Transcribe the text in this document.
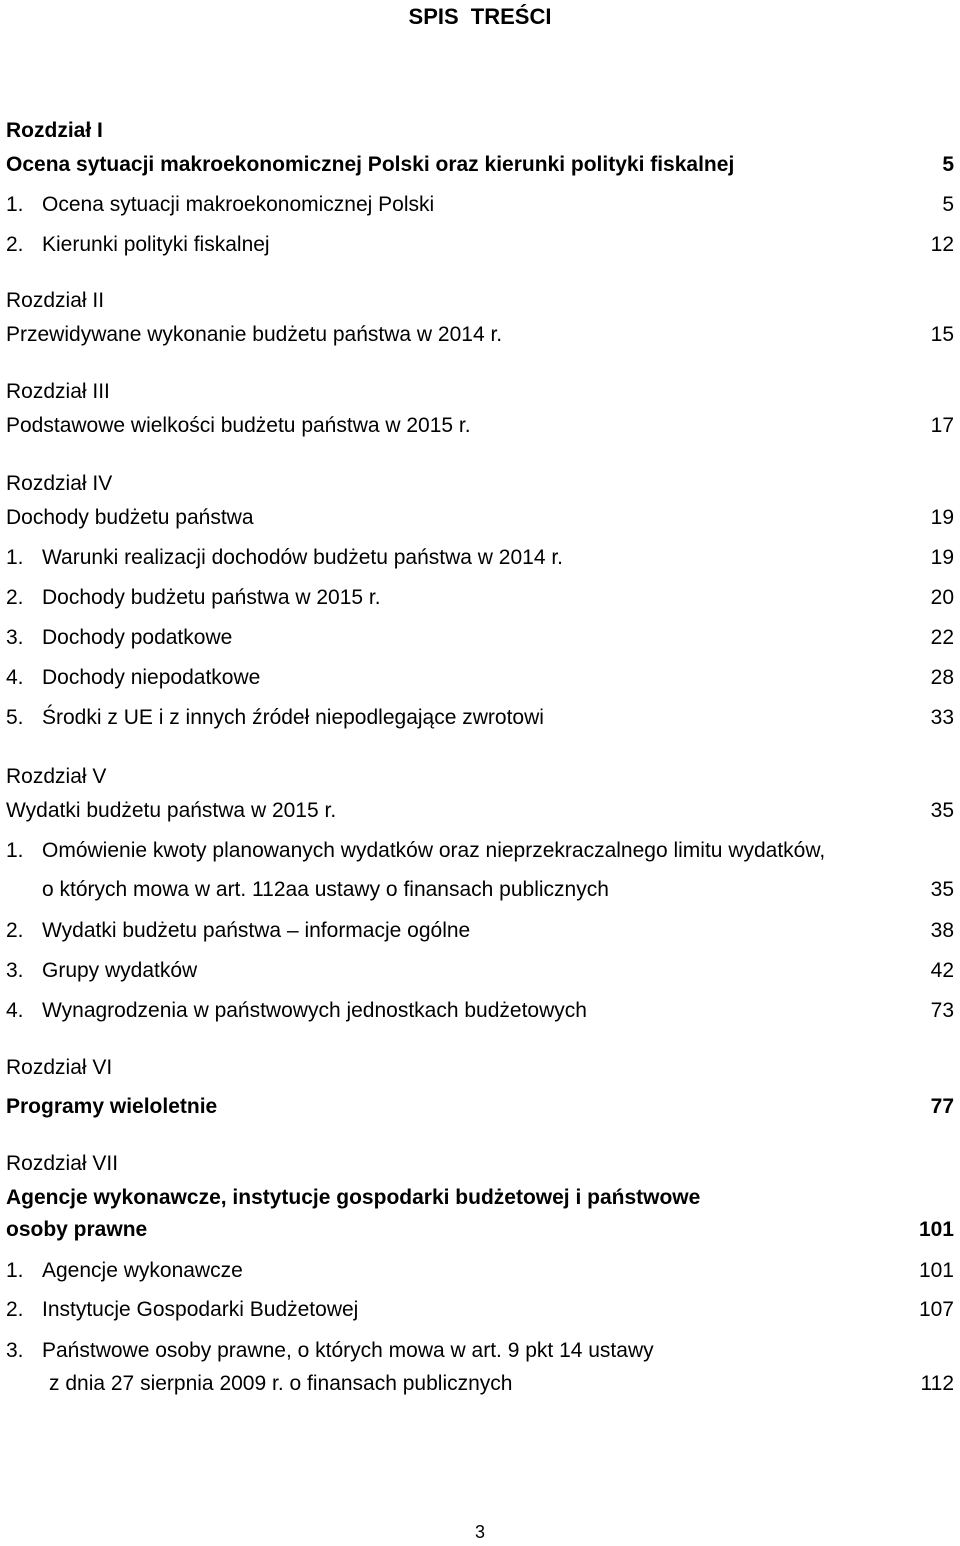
SPIS TREŚCI
Rozdział I
Ocena sytuacji makroekonomicznej Polski oraz kierunki polityki fiskalnej	5
1. Ocena sytuacji makroekonomicznej Polski	5
2. Kierunki polityki fiskalnej	12
Rozdział II
Przewidywane wykonanie budżetu państwa w 2014 r.	15
Rozdział III
Podstawowe wielkości budżetu państwa w 2015 r.	17
Rozdział IV
Dochody budżetu państwa	19
1. Warunki realizacji dochodów budżetu państwa w 2014 r.	19
2. Dochody budżetu państwa w 2015 r.	20
3. Dochody podatkowe	22
4. Dochody niepodatkowe	28
5. Środki z UE i z innych źródeł niepodlegające zwrotowi	33
Rozdział V
Wydatki budżetu państwa w 2015 r.	35
1. Omówienie kwoty planowanych wydatków oraz nieprzekraczalnego limitu wydatków,
o których mowa w art. 112aa ustawy o finansach publicznych	35
2. Wydatki budżetu państwa – informacje ogólne	38
3. Grupy wydatków	42
4. Wynagrodzenia w państwowych jednostkach budżetowych	73
Rozdział VI
Programy wieloletnie	77
Rozdział VII
Agencje wykonawcze, instytucje gospodarki budżetowej i państwowe
osoby prawne	101
1. Agencje wykonawcze	101
2. Instytucje Gospodarki Budżetowej	107
3. Państwowe osoby prawne, o których mowa w art. 9 pkt 14 ustawy
z dnia 27 sierpnia 2009 r. o finansach publicznych	112
3
